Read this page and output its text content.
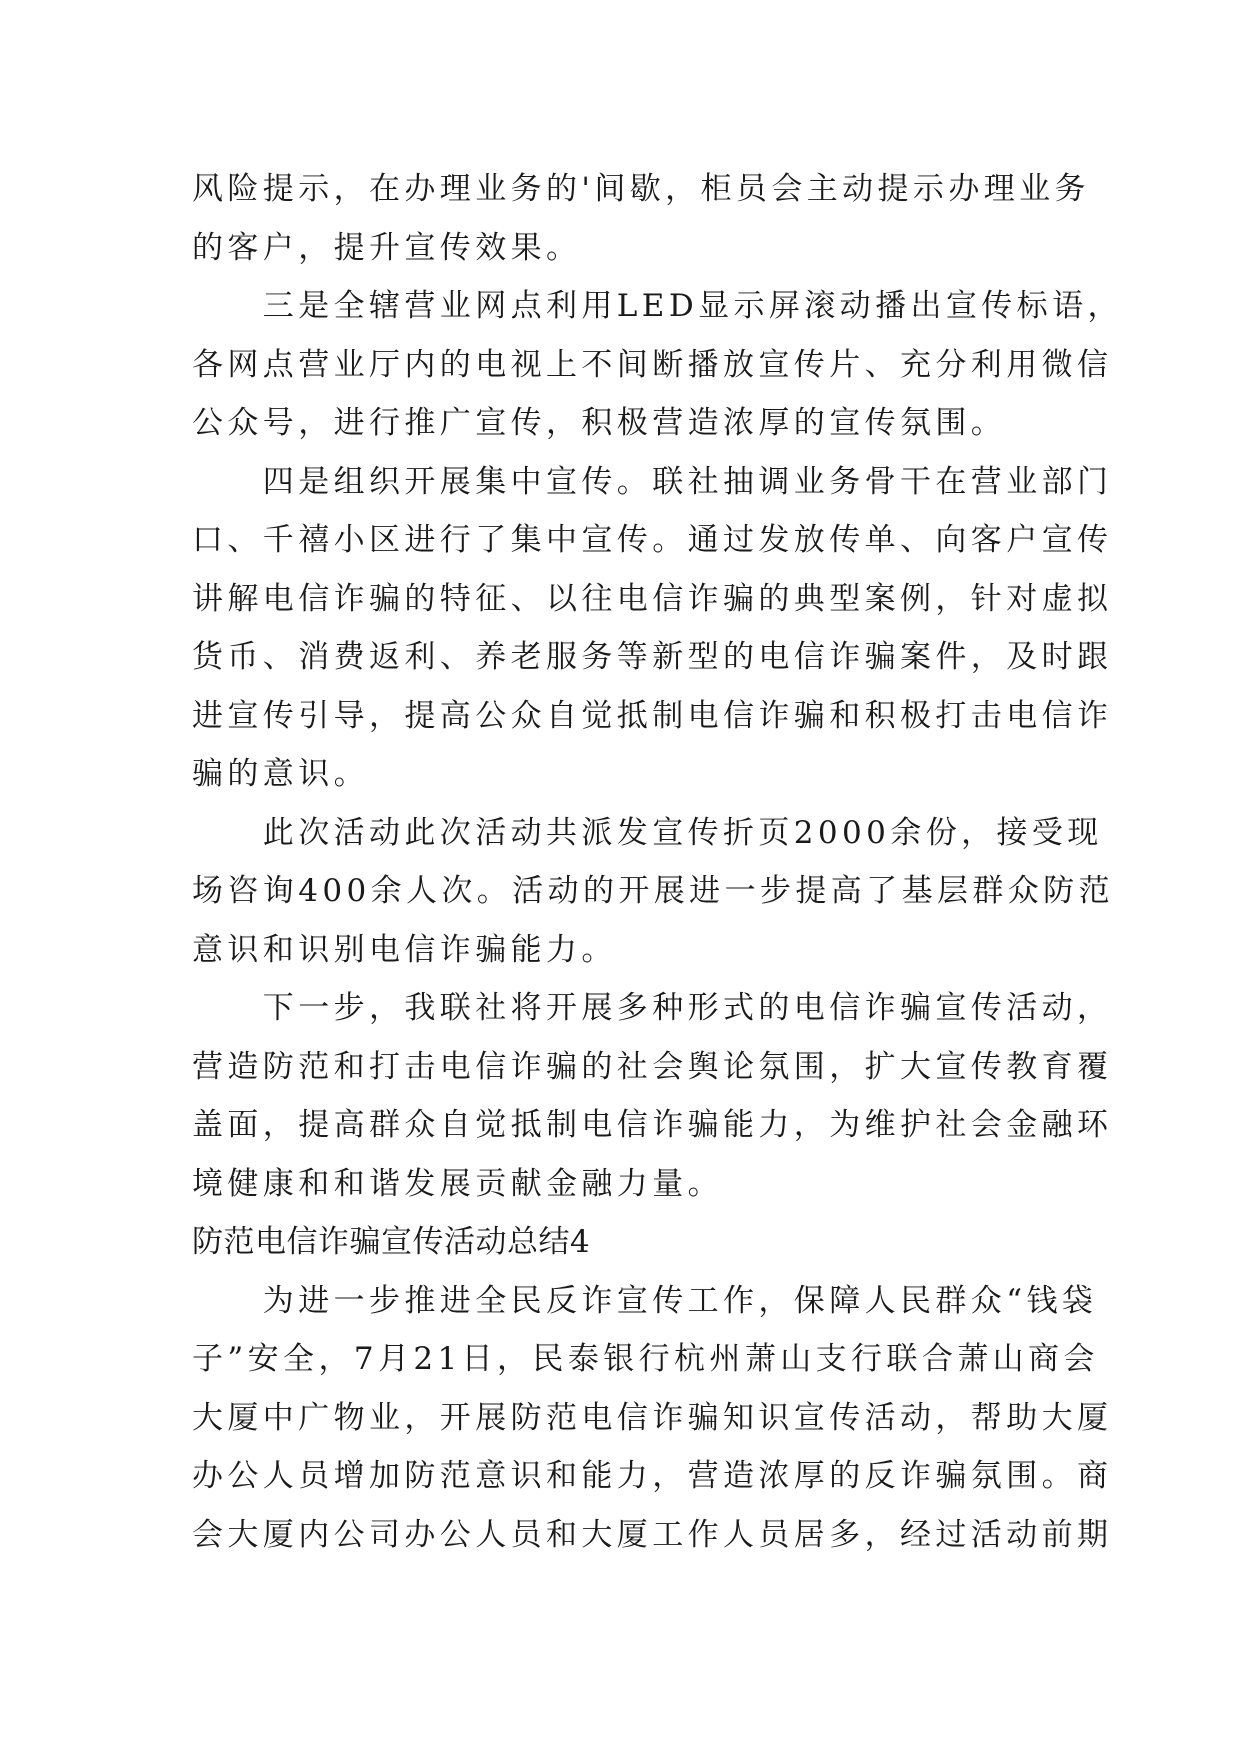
风险提示，在办理业务的'间歇，柜员会主动提示办理业务
的客户，提升宣传效果。
　　三是全辖营业网点利用LED显示屏滚动播出宣传标语，
各网点营业厅内的电视上不间断播放宣传片、充分利用微信
公众号，进行推广宣传，积极营造浓厚的宣传氛围。
　　四是组织开展集中宣传。联社抽调业务骨干在营业部门
口、千禧小区进行了集中宣传。通过发放传单、向客户宣传
讲解电信诈骗的特征、以往电信诈骗的典型案例，针对虚拟
货币、消费返利、养老服务等新型的电信诈骗案件，及时跟
进宣传引导，提高公众自觉抵制电信诈骗和积极打击电信诈
骗的意识。
　　此次活动此次活动共派发宣传折页2000余份，接受现
场咨询400余人次。活动的开展进一步提高了基层群众防范
意识和识别电信诈骗能力。
　　下一步，我联社将开展多种形式的电信诈骗宣传活动，
营造防范和打击电信诈骗的社会舆论氛围，扩大宣传教育覆
盖面，提高群众自觉抵制电信诈骗能力，为维护社会金融环
境健康和和谐发展贡献金融力量。
防范电信诈骗宣传活动总结4
　　为进一步推进全民反诈宣传工作，保障人民群众“钱袋
子”安全，7月21日，民泰银行杭州萧山支行联合萧山商会
大厦中广物业，开展防范电信诈骗知识宣传活动，帮助大厦
办公人员增加防范意识和能力，营造浓厚的反诈骗氛围。商
会大厦内公司办公人员和大厦工作人员居多，经过活动前期
